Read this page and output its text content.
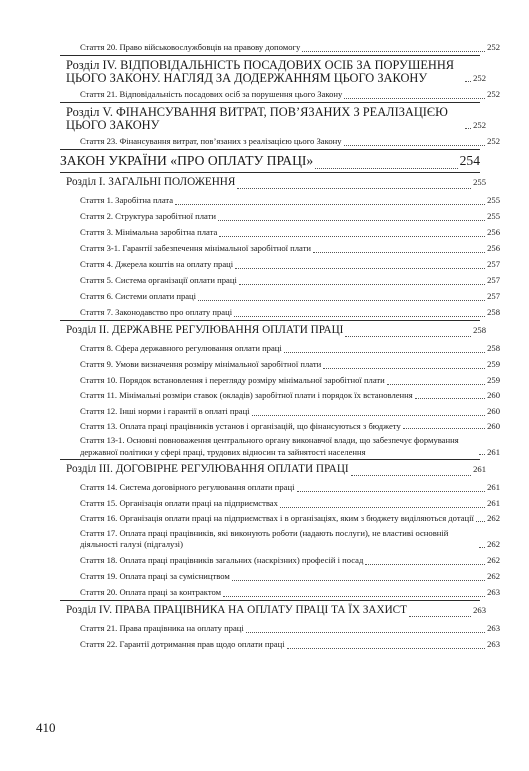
Стаття 20. Право військовослужбовців на правову допомогу	252
Розділ IV. ВІДПОВІДАЛЬНІСТЬ ПОСАДОВИХ ОСІБ ЗА ПОРУШЕННЯ ЦЬОГО ЗАКОНУ. НАГЛЯД ЗА ДОДЕРЖАННЯМ ЦЬОГО ЗАКОНУ	252
Стаття 21. Відповідальність посадових осіб за порушення цього Закону	252
Розділ V. ФІНАНСУВАННЯ ВИТРАТ, ПОВ’ЯЗАНИХ З РЕАЛІЗАЦІЄЮ ЦЬОГО ЗАКОНУ	252
Стаття 23. Фінансування витрат, пов’язаних з реалізацією цього Закону	252
ЗАКОН УКРАЇНИ «ПРО ОПЛАТУ ПРАЦІ»	254
Розділ І. ЗАГАЛЬНІ ПОЛОЖЕННЯ	255
Стаття 1. Заробітна плата	255
Стаття 2. Структура заробітної плати	255
Стаття 3. Мінімальна заробітна плата	256
Стаття 3-1. Гарантії забезпечення мінімальної заробітної плати	256
Стаття 4. Джерела коштів на оплату праці	257
Стаття 5. Система організації оплати праці	257
Стаття 6. Системи оплати праці	257
Стаття 7. Законодавство про оплату праці	258
Розділ ІІ. ДЕРЖАВНЕ РЕГУЛЮВАННЯ ОПЛАТИ ПРАЦІ	258
Стаття 8. Сфера державного регулювання оплати праці	258
Стаття 9. Умови визначення розміру мінімальної заробітної плати	259
Стаття 10. Порядок встановлення і перегляду розміру мінімальної заробітної плати	259
Стаття 11. Мінімальні розміри ставок (окладів) заробітної плати і порядок їх встановлення	260
Стаття 12. Інші норми і гарантії в оплаті праці	260
Стаття 13. Оплата праці працівників установ і організацій, що фінансуються з бюджету	260
Стаття 13-1. Основні повноваження центрального органу виконавчої влади, що забезпечує формування державної політики у сфері праці, трудових відносин та зайнятості населення	261
Розділ ІІІ. ДОГОВІРНЕ РЕГУЛЮВАННЯ ОПЛАТИ ПРАЦІ	261
Стаття 14. Система договірного регулювання оплати праці	261
Стаття 15. Організація оплати праці на підприємствах	261
Стаття 16. Організація оплати праці на підприємствах і в організаціях, яким з бюджету виділяються дотації 262
Стаття 17. Оплата праці працівників, які виконують роботи (надають послуги), не властиві основній діяльності галузі (підгалузі)	262
Стаття 18. Оплата праці працівників загальних (наскрізних) професій і посад	262
Стаття 19. Оплата праці за сумісництвом	262
Стаття 20. Оплата праці за контрактом	263
Розділ IV. ПРАВА ПРАЦІВНИКА НА ОПЛАТУ ПРАЦІ ТА ЇХ ЗАХИСТ	263
Стаття 21. Права працівника на оплату праці	263
Стаття 22. Гарантії дотримання прав щодо оплати праці	263
410
